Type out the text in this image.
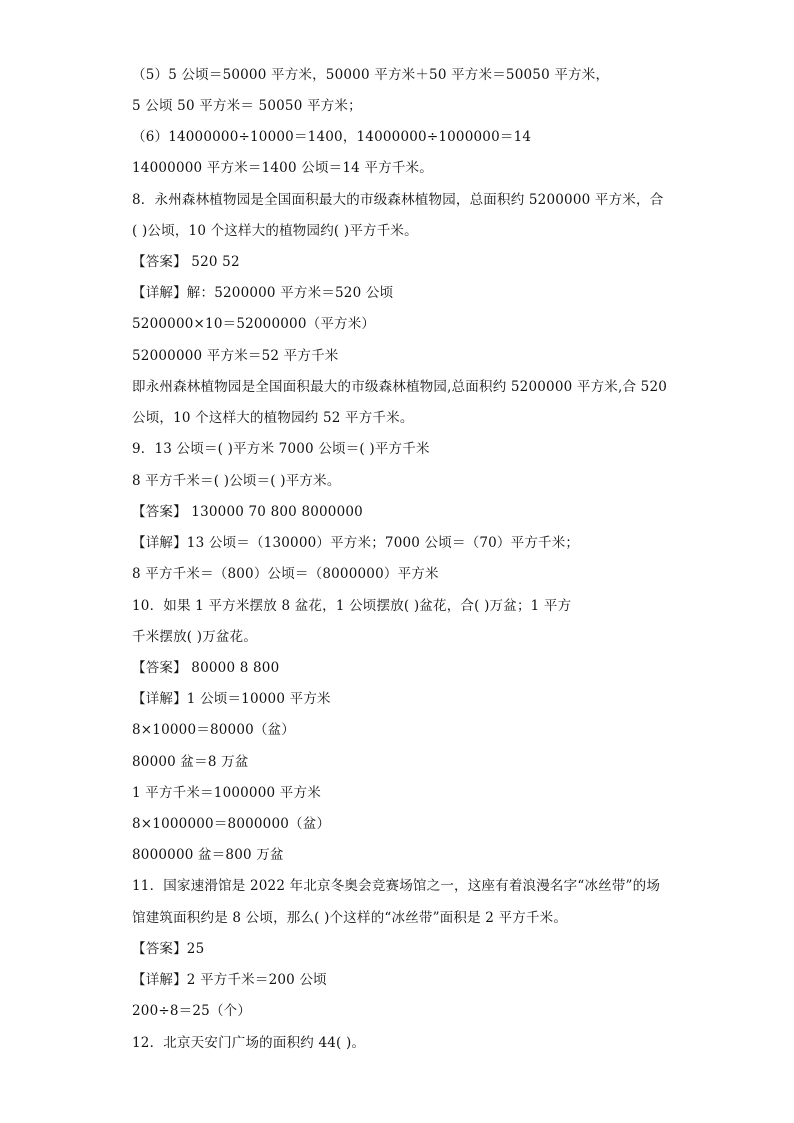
（5）5 公顷＝50000 平方米，50000 平方米＋50 平方米＝50050 平方米，
5 公顷 50 平方米＝ 50050 平方米；
（6）14000000÷10000＝1400，14000000÷1000000＝14
14000000 平方米＝1400 公顷＝14 平方千米。
8．永州森林植物园是全国面积最大的市级森林植物园，总面积约 5200000 平方米，合
( )公顷，10 个这样大的植物园约( )平方千米。
【答案】 520 52
【详解】解：5200000 平方米＝520 公顷
5200000×10＝52000000（平方米）
52000000 平方米＝52 平方千米
即永州森林植物园是全国面积最大的市级森林植物园,总面积约 5200000 平方米,合 520
公顷，10 个这样大的植物园约 52 平方千米。
9．13 公顷＝( )平方米 7000 公顷＝( )平方千米
8 平方千米＝( )公顷＝( )平方米。
【答案】 130000 70 800 8000000
【详解】13 公顷＝（130000）平方米；7000 公顷＝（70）平方千米；
8 平方千米＝（800）公顷＝（8000000）平方米
10．如果 1 平方米摆放 8 盆花，1 公顷摆放( )盆花，合( )万盆；1 平方
千米摆放( )万盆花。
【答案】 80000 8 800
【详解】1 公顷＝10000 平方米
8×10000＝80000（盆）
80000 盆＝8 万盆
1 平方千米＝1000000 平方米
8×1000000＝8000000（盆）
8000000 盆＝800 万盆
11．国家速滑馆是 2022 年北京冬奥会竞赛场馆之一，这座有着浪漫名字“冰丝带”的场
馆建筑面积约是 8 公顷，那么( )个这样的“冰丝带”面积是 2 平方千米。
【答案】25
【详解】2 平方千米＝200 公顷
200÷8＝25（个）
12．北京天安门广场的面积约 44( )。
